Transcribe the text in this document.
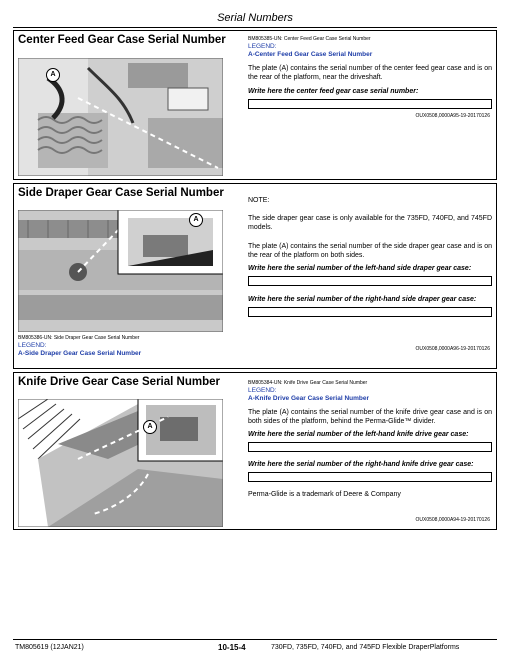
Serial Numbers
Center Feed Gear Case Serial Number
A
BM805385-UN: Center Feed Gear Case Serial Number
LEGEND:
A-Center Feed Gear Case Serial Number
The plate (A) contains the serial number of the center feed gear case and is on the rear of the platform, near the driveshaft.
Write here the center feed gear case serial number:
OUX0508,0000A95-19-20170126
Side Draper Gear Case Serial Number
A
BM805386-UN: Side Draper Gear Case Serial Number
LEGEND:
A-Side Draper Gear Case Serial Number
NOTE:
The side draper gear case is only available for the 735FD, 740FD, and 745FD models.
The plate (A) contains the serial number of the side draper gear case and is on the rear of the platform on both sides.
Write here the serial number of the left-hand side draper gear case:
Write here the serial number of the right-hand side draper gear case:
OUX0508,0000A96-19-20170126
Knife Drive Gear Case Serial Number
A
BM805384-UN: Knife Drive Gear Case Serial Number
LEGEND:
A-Knife Drive Gear Case Serial Number
The plate (A) contains the serial number of the knife drive gear case and is on both sides of the platform, behind the Perma-Glide™ divider.
Write here the serial number of the left-hand knife drive gear case:
Write here the serial number of the right-hand knife drive gear case:
Perma-Glide is a trademark of Deere & Company
OUX0508,0000A94-19-20170126
TM805619 (12JAN21)	10-15-4	730FD, 735FD, 740FD, and 745FD Flexible DraperPlatforms
